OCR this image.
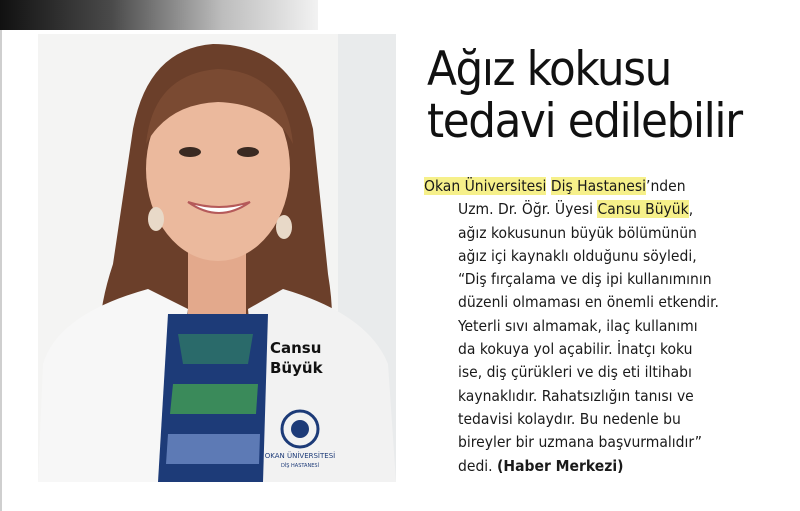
OKAN ÜNİVERSİTESİ
DİŞ HASTANESİ
Cansu
Büyük
Ağız kokusu
tedavi edilebilir
Okan Üniversitesi Diş Hastanesi’nden
Uzm. Dr. Öğr. Üyesi Cansu Büyük,
ağız kokusunun büyük bölümünün
ağız içi kaynaklı olduğunu söyledi,
“Diş fırçalama ve diş ipi kullanımının
düzenli olmaması en önemli etkendir.
Yeterli sıvı almamak, ilaç kullanımı
da kokuya yol açabilir. İnatçı koku
ise, diş çürükleri ve diş eti iltihabı
kaynaklıdır. Rahatsızlığın tanısı ve
tedavisi kolaydır. Bu nedenle bu
bireyler bir uzmana başvurmalıdır”
dedi. (Haber Merkezi)
